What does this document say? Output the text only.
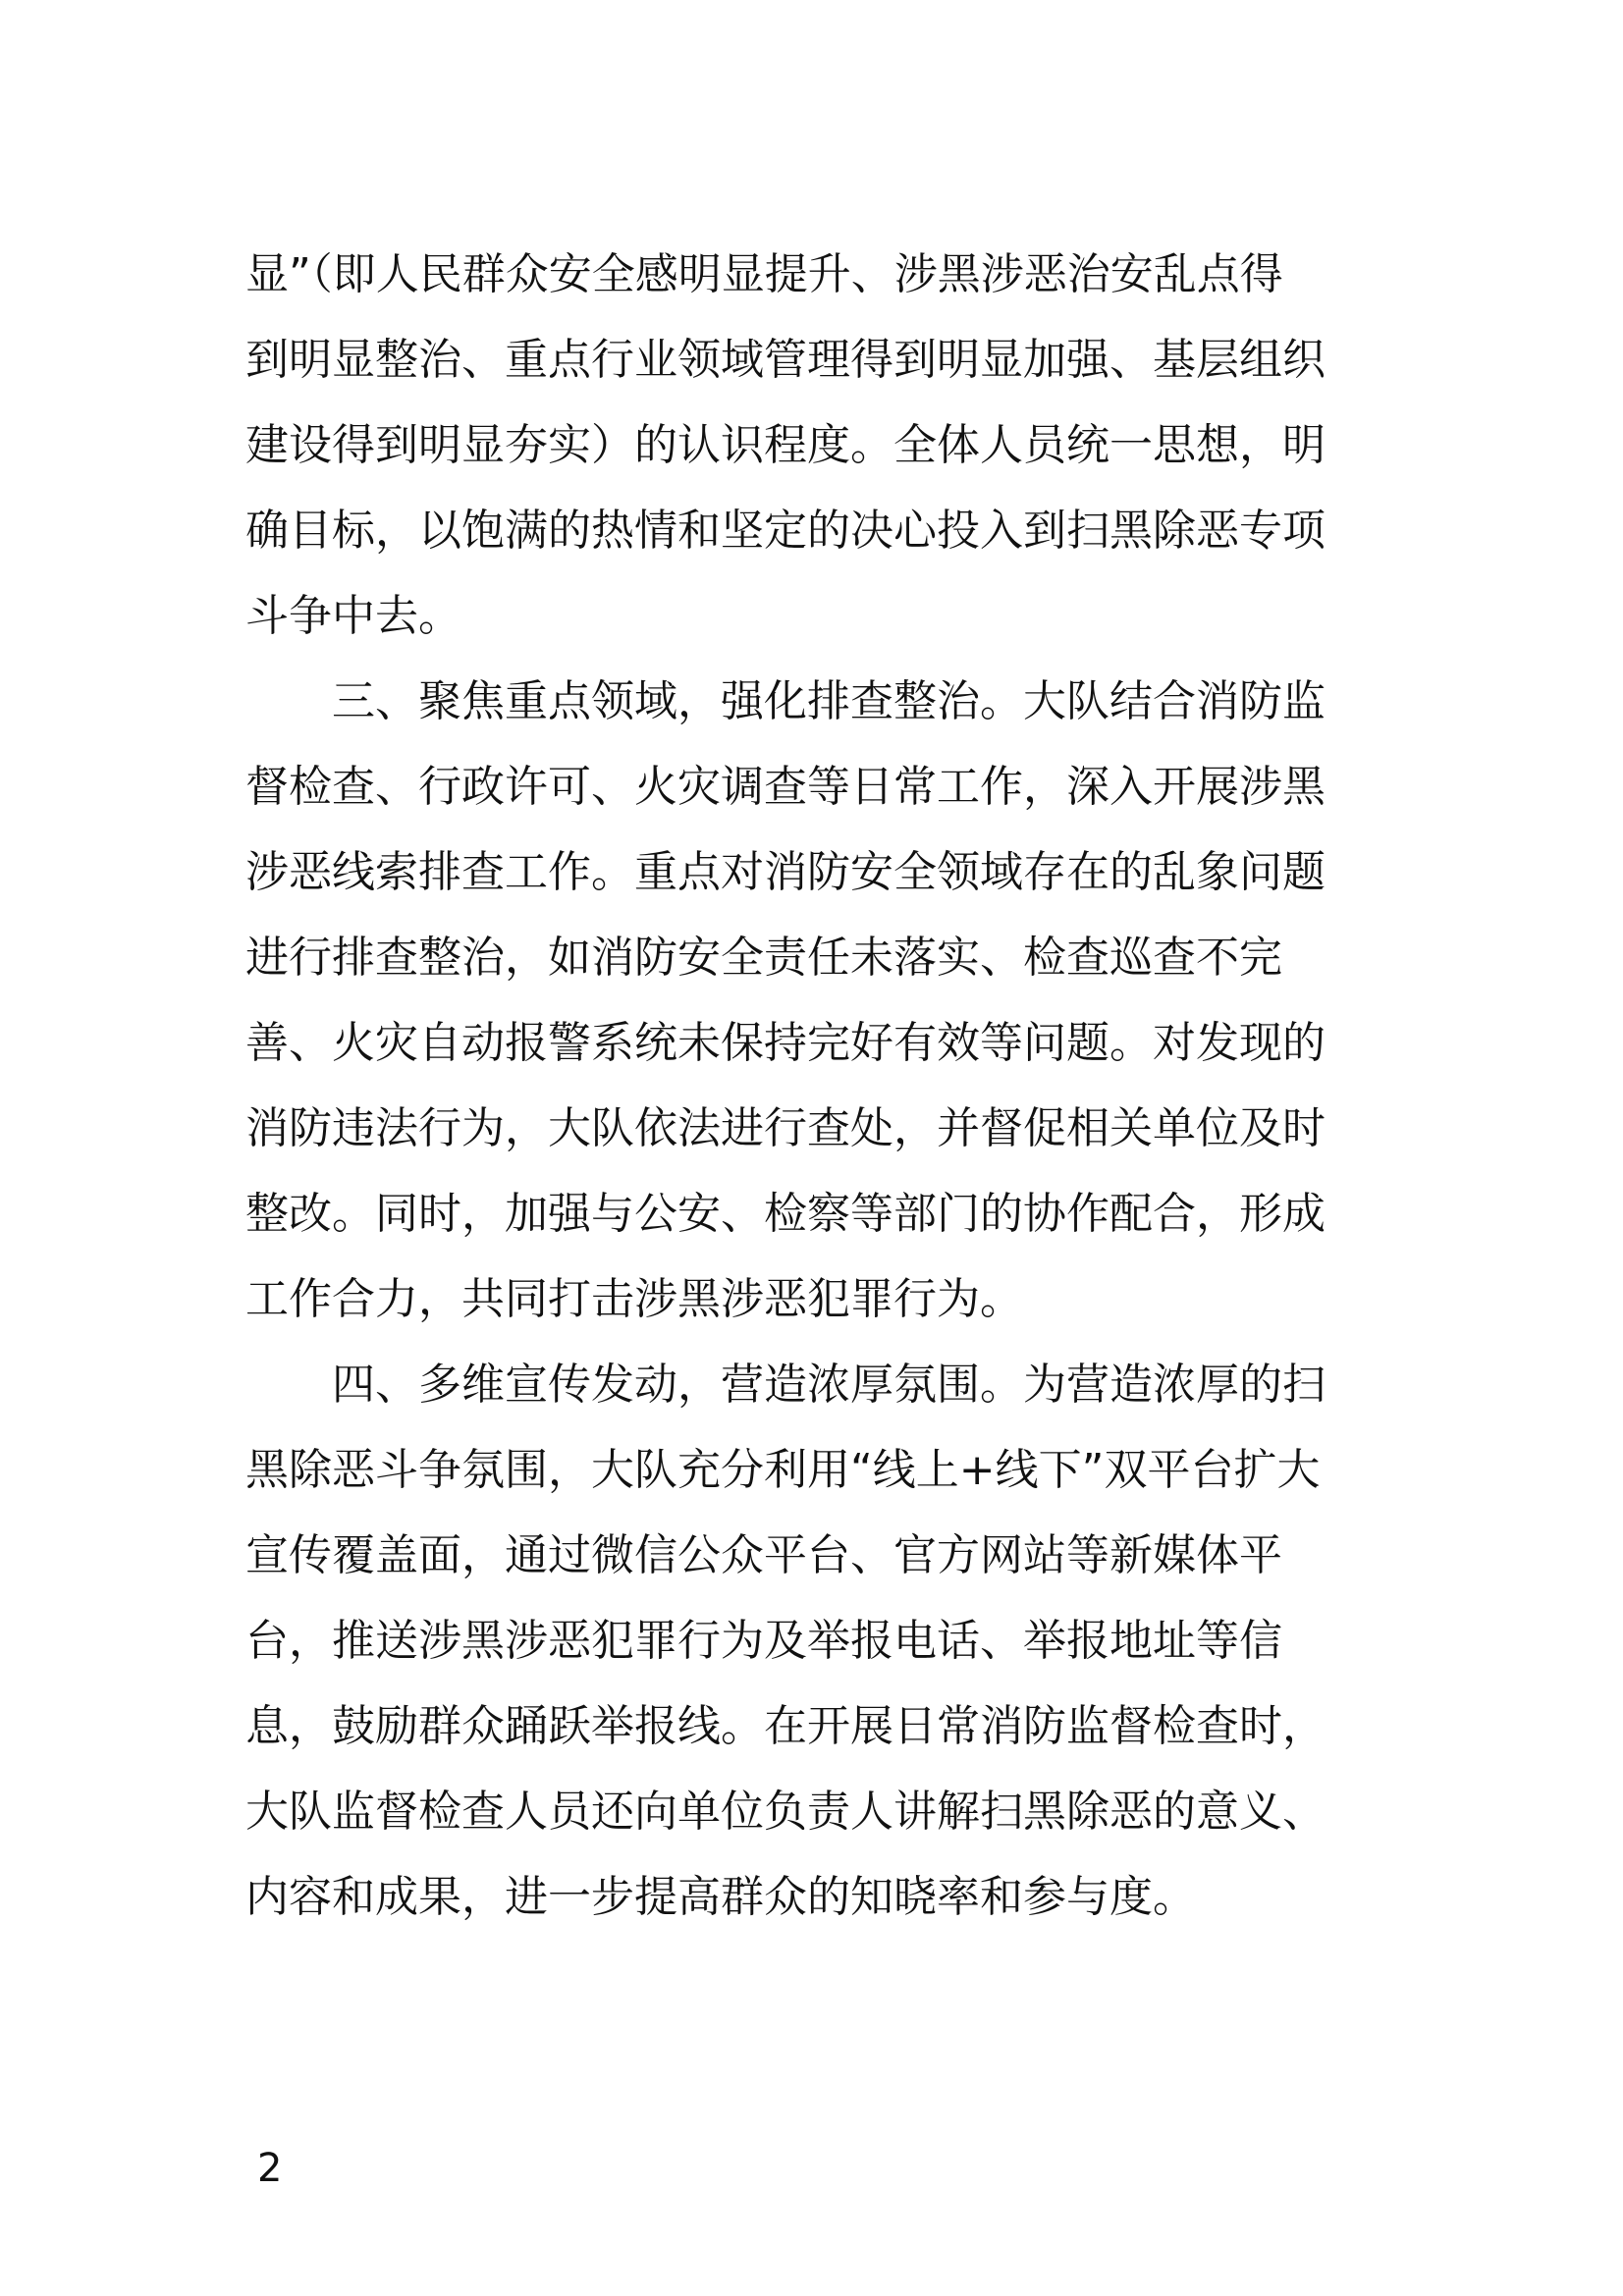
显”（即人民群众安全感明显提升、涉黑涉恶治安乱点得
到明显整治、重点行业领域管理得到明显加强、基层组织
建设得到明显夯实）的认识程度。全体人员统一思想，明
确目标，以饱满的热情和坚定的决心投入到扫黑除恶专项
斗争中去。
三、聚焦重点领域，强化排查整治。大队结合消防监
督检查、行政许可、火灾调查等日常工作，深入开展涉黑
涉恶线索排查工作。重点对消防安全领域存在的乱象问题
进行排查整治，如消防安全责任未落实、检查巡查不完
善、火灾自动报警系统未保持完好有效等问题。对发现的
消防违法行为，大队依法进行查处，并督促相关单位及时
整改。同时，加强与公安、检察等部门的协作配合，形成
工作合力，共同打击涉黑涉恶犯罪行为。
四、多维宣传发动，营造浓厚氛围。为营造浓厚的扫
黑除恶斗争氛围，大队充分利用“线上+线下”双平台扩大
宣传覆盖面，通过微信公众平台、官方网站等新媒体平
台，推送涉黑涉恶犯罪行为及举报电话、举报地址等信
息，鼓励群众踊跃举报线。在开展日常消防监督检查时，
大队监督检查人员还向单位负责人讲解扫黑除恶的意义、
内容和成果，进一步提高群众的知晓率和参与度。
2
